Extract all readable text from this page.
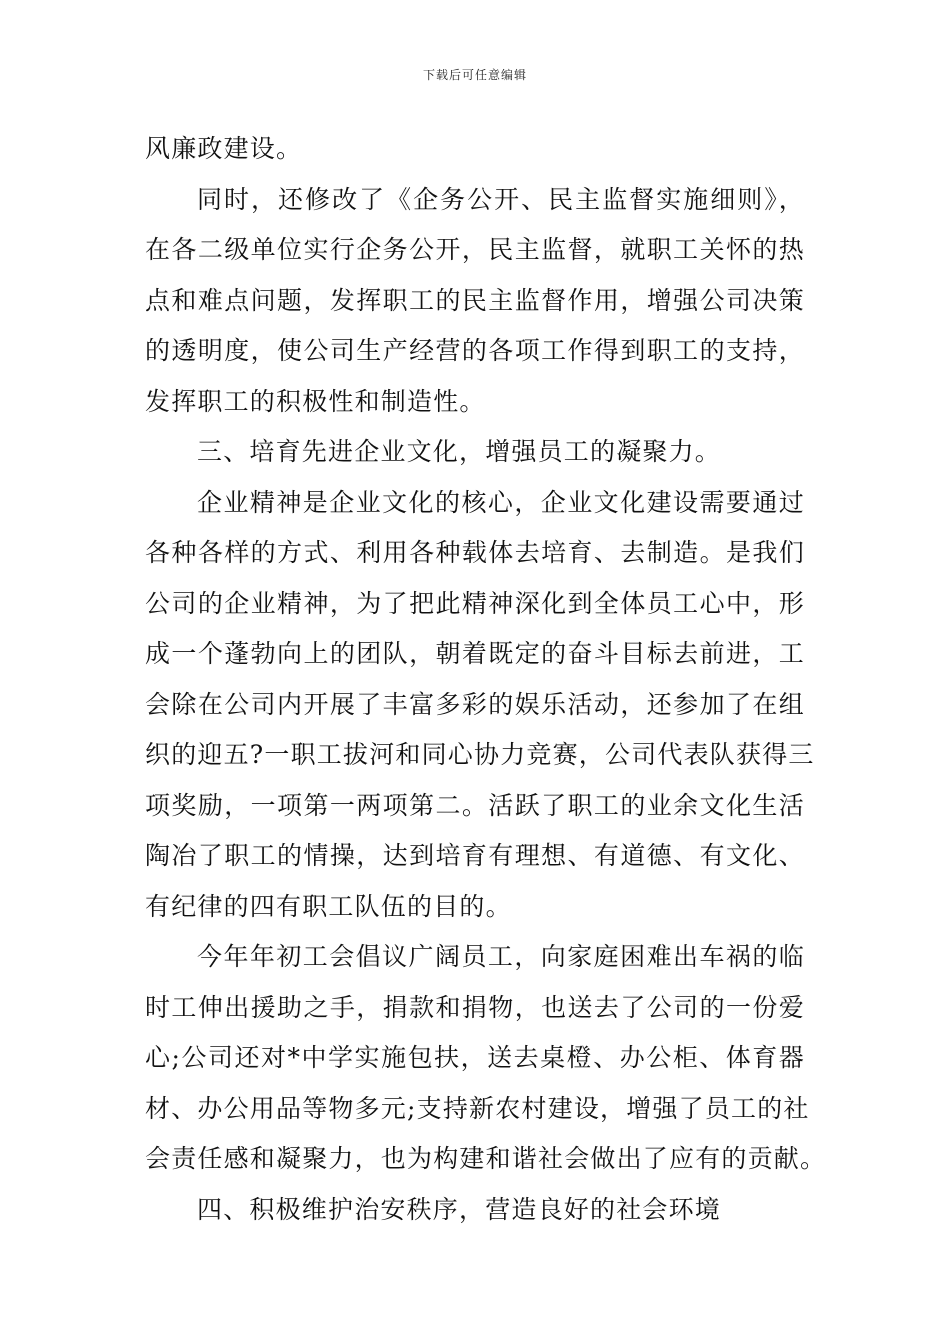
下载后可任意编辑
风廉政建设。
同时，还修改了《企务公开、民主监督实施细则》，
在各二级单位实行企务公开，民主监督，就职工关怀的热
点和难点问题，发挥职工的民主监督作用，增强公司决策
的透明度，使公司生产经营的各项工作得到职工的支持，
发挥职工的积极性和制造性。
三、培育先进企业文化，增强员工的凝聚力。
企业精神是企业文化的核心，企业文化建设需要通过
各种各样的方式、利用各种载体去培育、去制造。是我们
公司的企业精神，为了把此精神深化到全体员工心中，形
成一个蓬勃向上的团队，朝着既定的奋斗目标去前进，工
会除在公司内开展了丰富多彩的娱乐活动，还参加了在组
织的迎五?一职工拔河和同心协力竞赛，公司代表队获得三
项奖励，一项第一两项第二。活跃了职工的业余文化生活
陶冶了职工的情操，达到培育有理想、有道德、有文化、
有纪律的四有职工队伍的目的。
今年年初工会倡议广阔员工，向家庭困难出车祸的临
时工伸出援助之手，捐款和捐物，也送去了公司的一份爱
心;公司还对*中学实施包扶，送去桌橙、办公柜、体育器
材、办公用品等物多元;支持新农村建设，增强了员工的社
会责任感和凝聚力，也为构建和谐社会做出了应有的贡献。
四、积极维护治安秩序，营造良好的社会环境
